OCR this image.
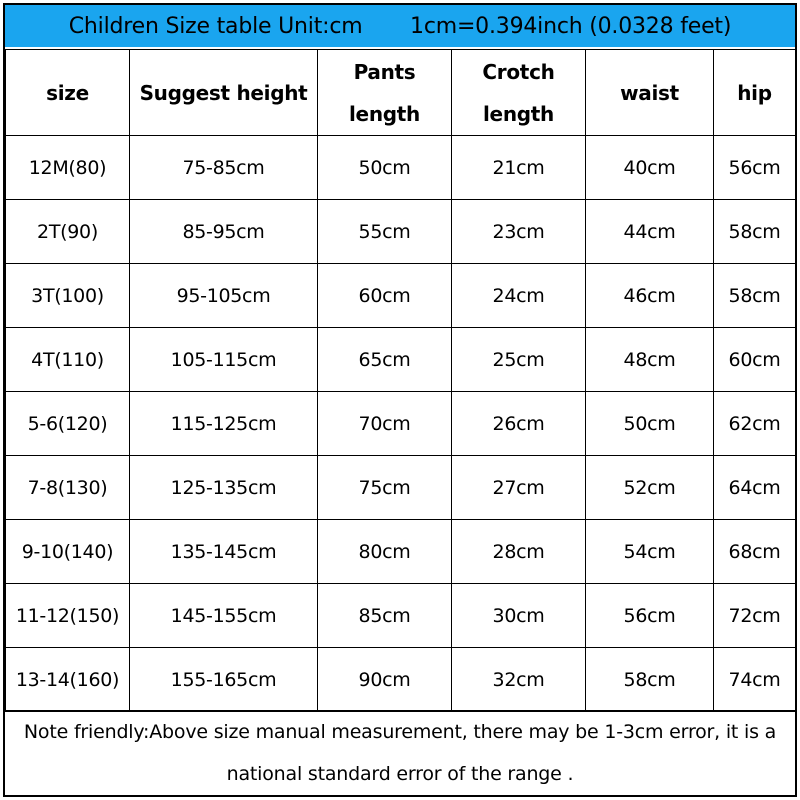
Children Size table Unit:cm       1cm=0.394inch (0.0328 feet)
size	Suggest height	Pants length	Crotch length	waist	hip
12M(80)	75-85cm	50cm	21cm	40cm	56cm
2T(90)	85-95cm	55cm	23cm	44cm	58cm
3T(100)	95-105cm	60cm	24cm	46cm	58cm
4T(110)	105-115cm	65cm	25cm	48cm	60cm
5-6(120)	115-125cm	70cm	26cm	50cm	62cm
7-8(130)	125-135cm	75cm	27cm	52cm	64cm
9-10(140)	135-145cm	80cm	28cm	54cm	68cm
11-12(150)	145-155cm	85cm	30cm	56cm	72cm
13-14(160)	155-165cm	90cm	32cm	58cm	74cm
Note friendly:Above size manual measurement, there may be 1-3cm error, it is a national standard error of the range .
